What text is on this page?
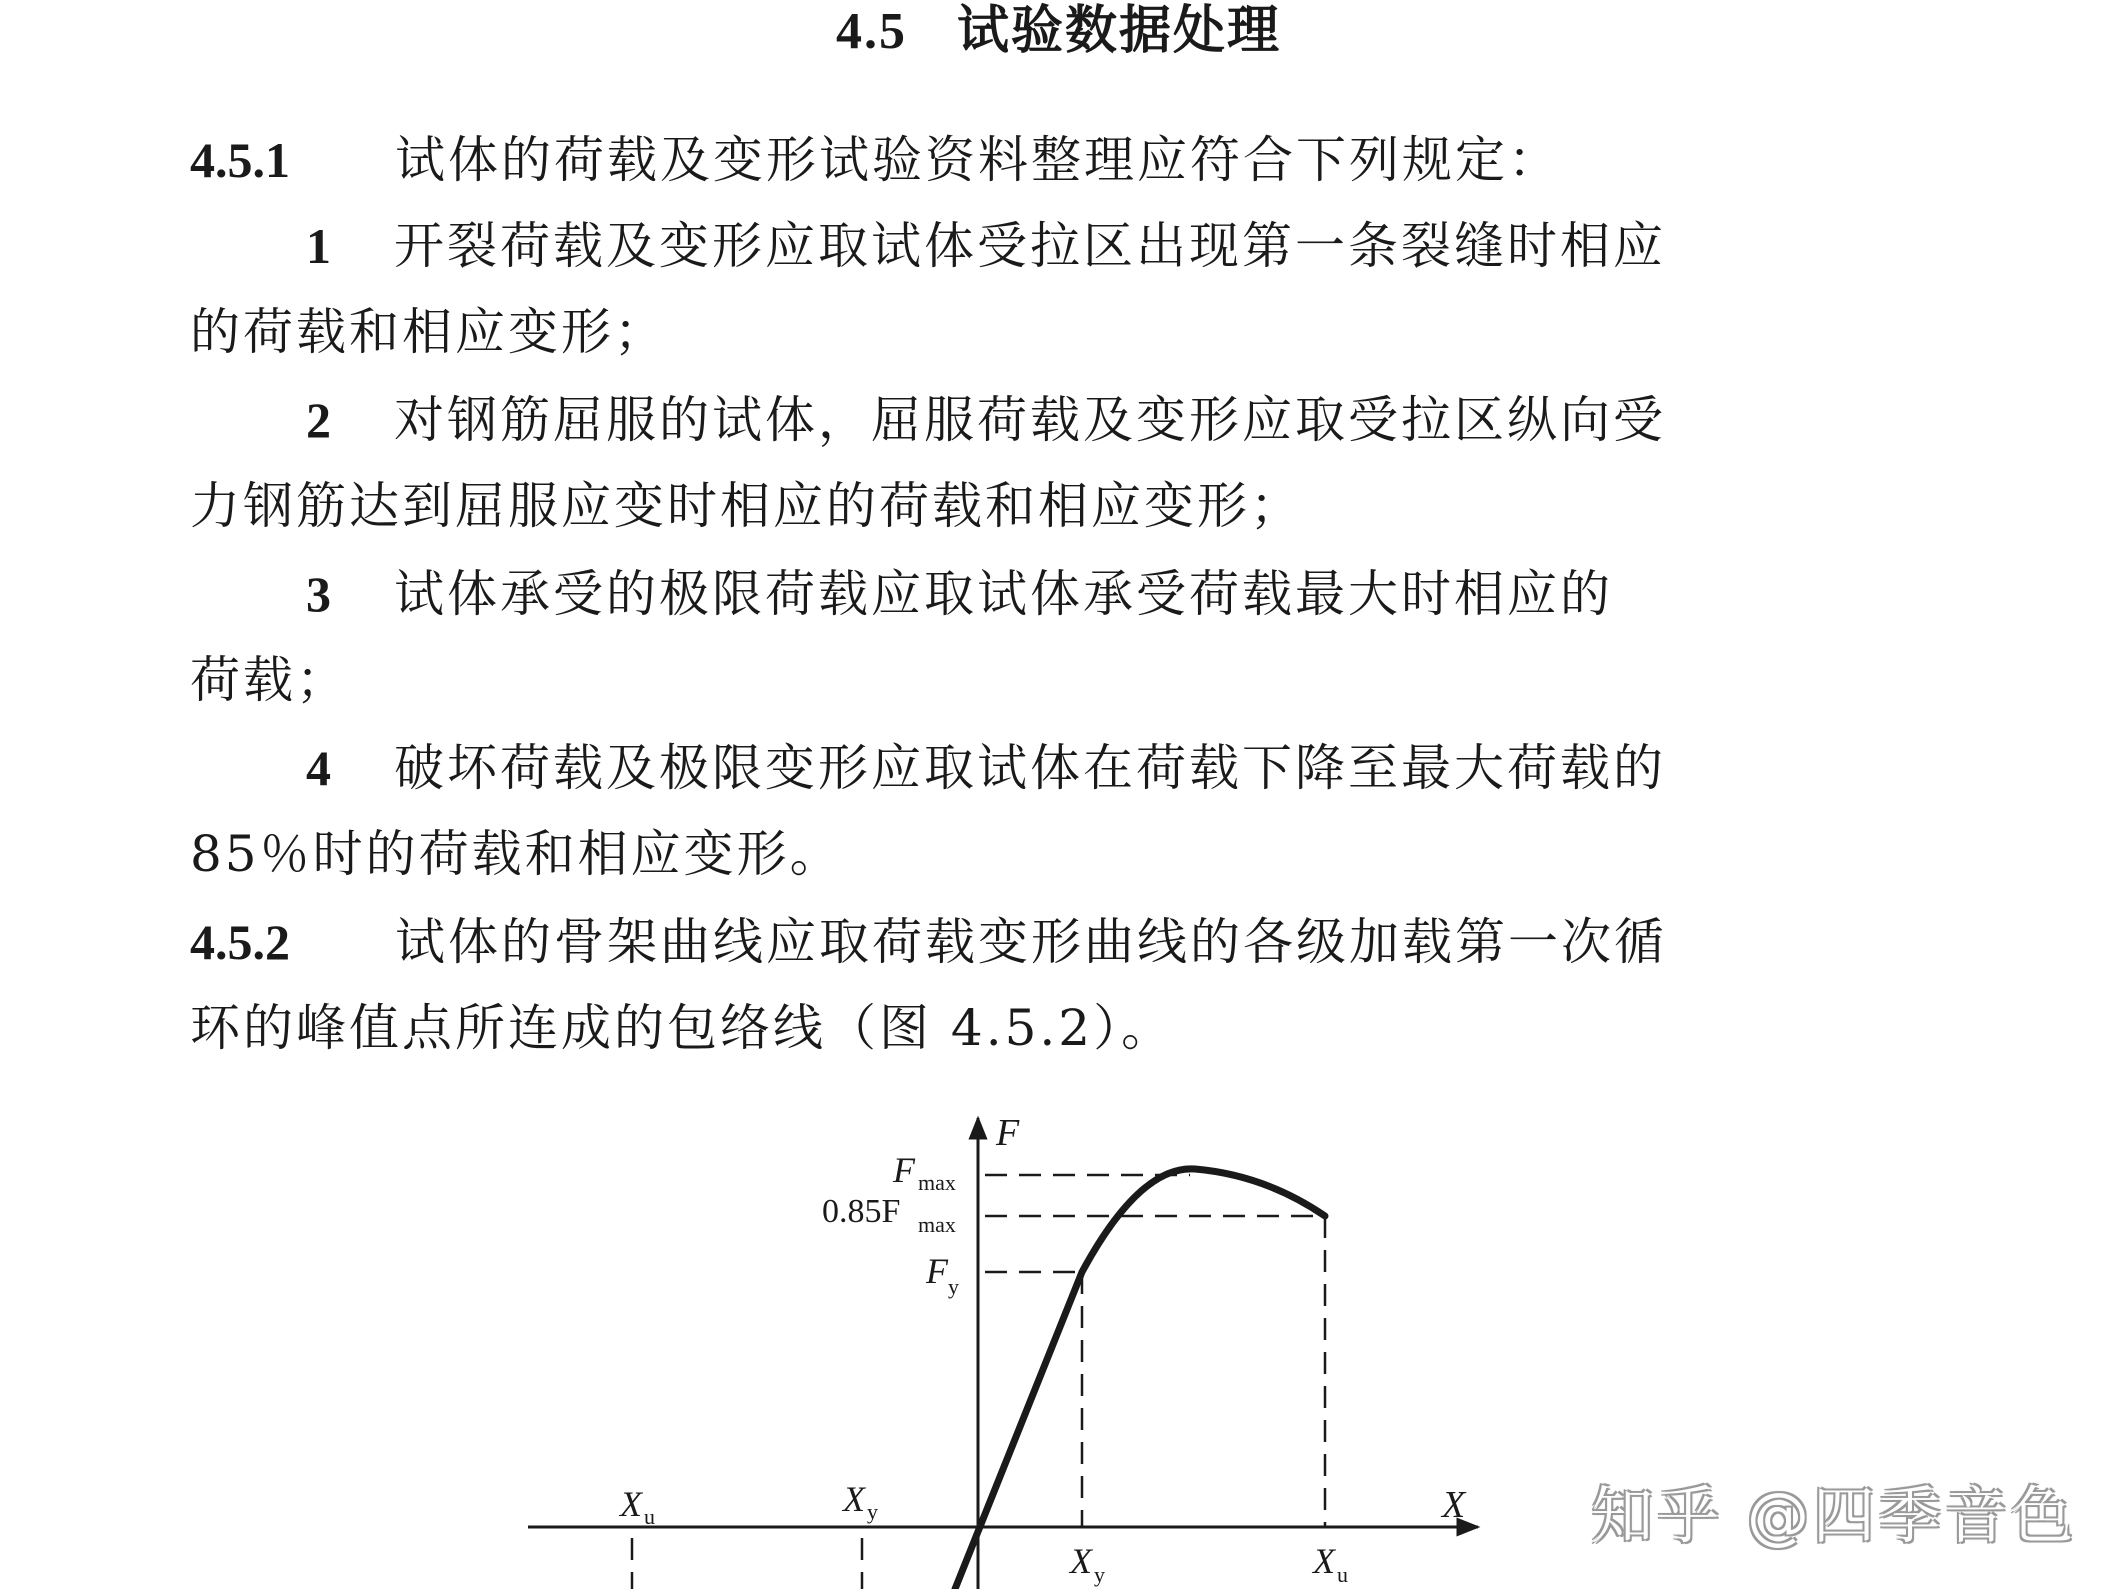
4.5 试验数据处理
4.5.1 试体的荷载及变形试验资料整理应符合下列规定：
1 开裂荷载及变形应取试体受拉区出现第一条裂缝时相应
的荷载和相应变形；
2 对钢筋屈服的试体，屈服荷载及变形应取受拉区纵向受
力钢筋达到屈服应变时相应的荷载和相应变形；
3 试体承受的极限荷载应取试体承受荷载最大时相应的
荷载；
4 破坏荷载及极限变形应取试体在荷载下降至最大荷载的
85％时的荷载和相应变形。
4.5.2 试体的骨架曲线应取荷载变形曲线的各级加载第一次循
环的峰值点所连成的包络线（图 4.5.2）。
F
X
F max
0.85F max
F y
X u	X y
X y	X u
知乎 @四季音色
